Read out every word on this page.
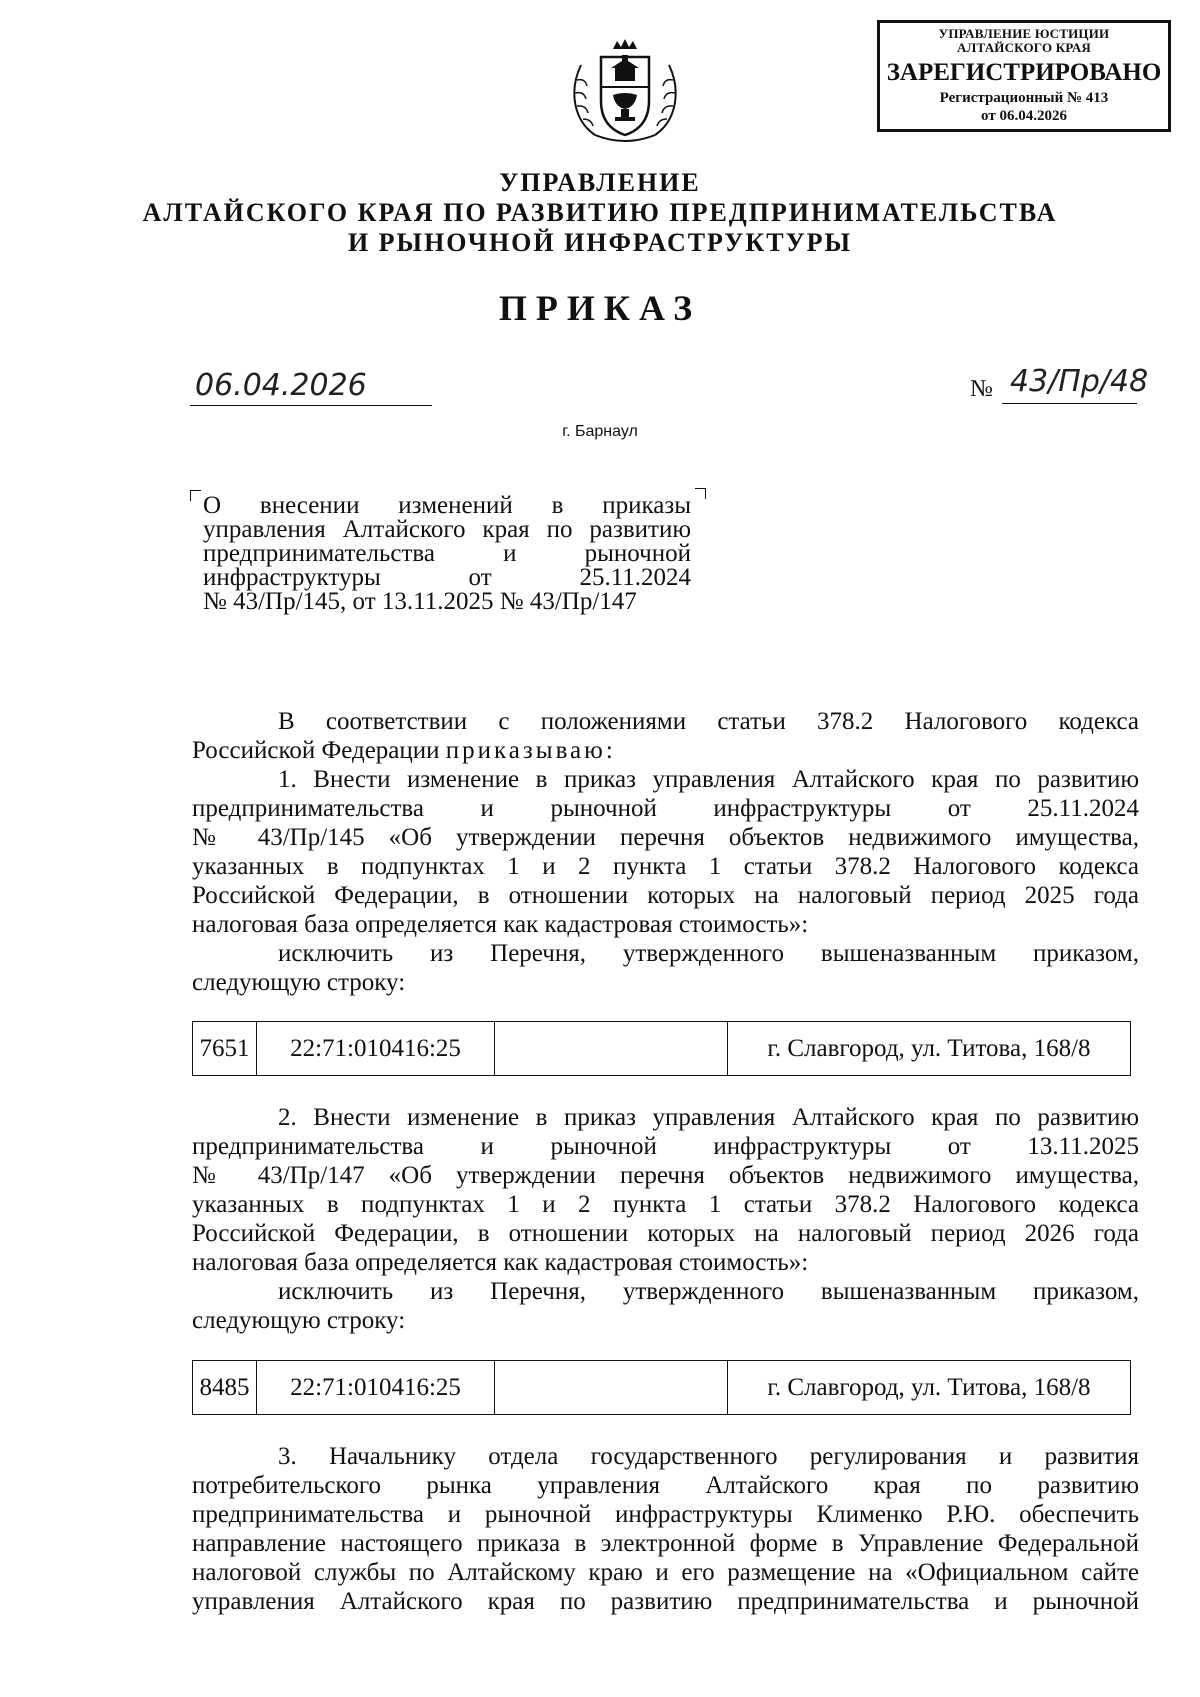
УПРАВЛЕНИЕ ЮСТИЦИИ
АЛТАЙСКОГО КРАЯ
ЗАРЕГИСТРИРОВАНО
Регистрационный № 413
от 06.04.2026
УПРАВЛЕНИЕ
АЛТАЙСКОГО КРАЯ ПО РАЗВИТИЮ ПРЕДПРИНИМАТЕЛЬСТВА
И РЫНОЧНОЙ ИНФРАСТРУКТУРЫ
ПРИКАЗ
06.04.2026	№ 43/Пр/48
г. Барнаул
О внесении изменений в приказы
управления Алтайского края по развитию
предпринимательства	и	рыночной
инфраструктуры	от	25.11.2024
№ 43/Пр/145, от 13.11.2025 № 43/Пр/147
В соответствии с положениями статьи 378.2 Налогового кодекса
Российской Федерации приказываю:
1. Внести изменение в приказ управления Алтайского края по развитию
предпринимательства и рыночной инфраструктуры от 25.11.2024
№ 43/Пр/145 «Об утверждении перечня объектов недвижимого имущества,
указанных в подпунктах 1 и 2 пункта 1 статьи 378.2 Налогового кодекса
Российской Федерации, в отношении которых на налоговый период 2025 года
налоговая база определяется как кадастровая стоимость»:
исключить из Перечня, утвержденного вышеназванным приказом,
следующую строку:
7651	22:71:010416:25		г. Славгород, ул. Титова, 168/8
2. Внести изменение в приказ управления Алтайского края по развитию
предпринимательства и рыночной инфраструктуры от 13.11.2025
№ 43/Пр/147 «Об утверждении перечня объектов недвижимого имущества,
указанных в подпунктах 1 и 2 пункта 1 статьи 378.2 Налогового кодекса
Российской Федерации, в отношении которых на налоговый период 2026 года
налоговая база определяется как кадастровая стоимость»:
исключить из Перечня, утвержденного вышеназванным приказом,
следующую строку:
8485	22:71:010416:25		г. Славгород, ул. Титова, 168/8
3. Начальнику отдела государственного регулирования и развития
потребительского рынка управления Алтайского края по развитию
предпринимательства и рыночной инфраструктуры Клименко Р.Ю. обеспечить
направление настоящего приказа в электронной форме в Управление Федеральной
налоговой службы по Алтайскому краю и его размещение на «Официальном сайте
управления Алтайского края по развитию предпринимательства и рыночной
